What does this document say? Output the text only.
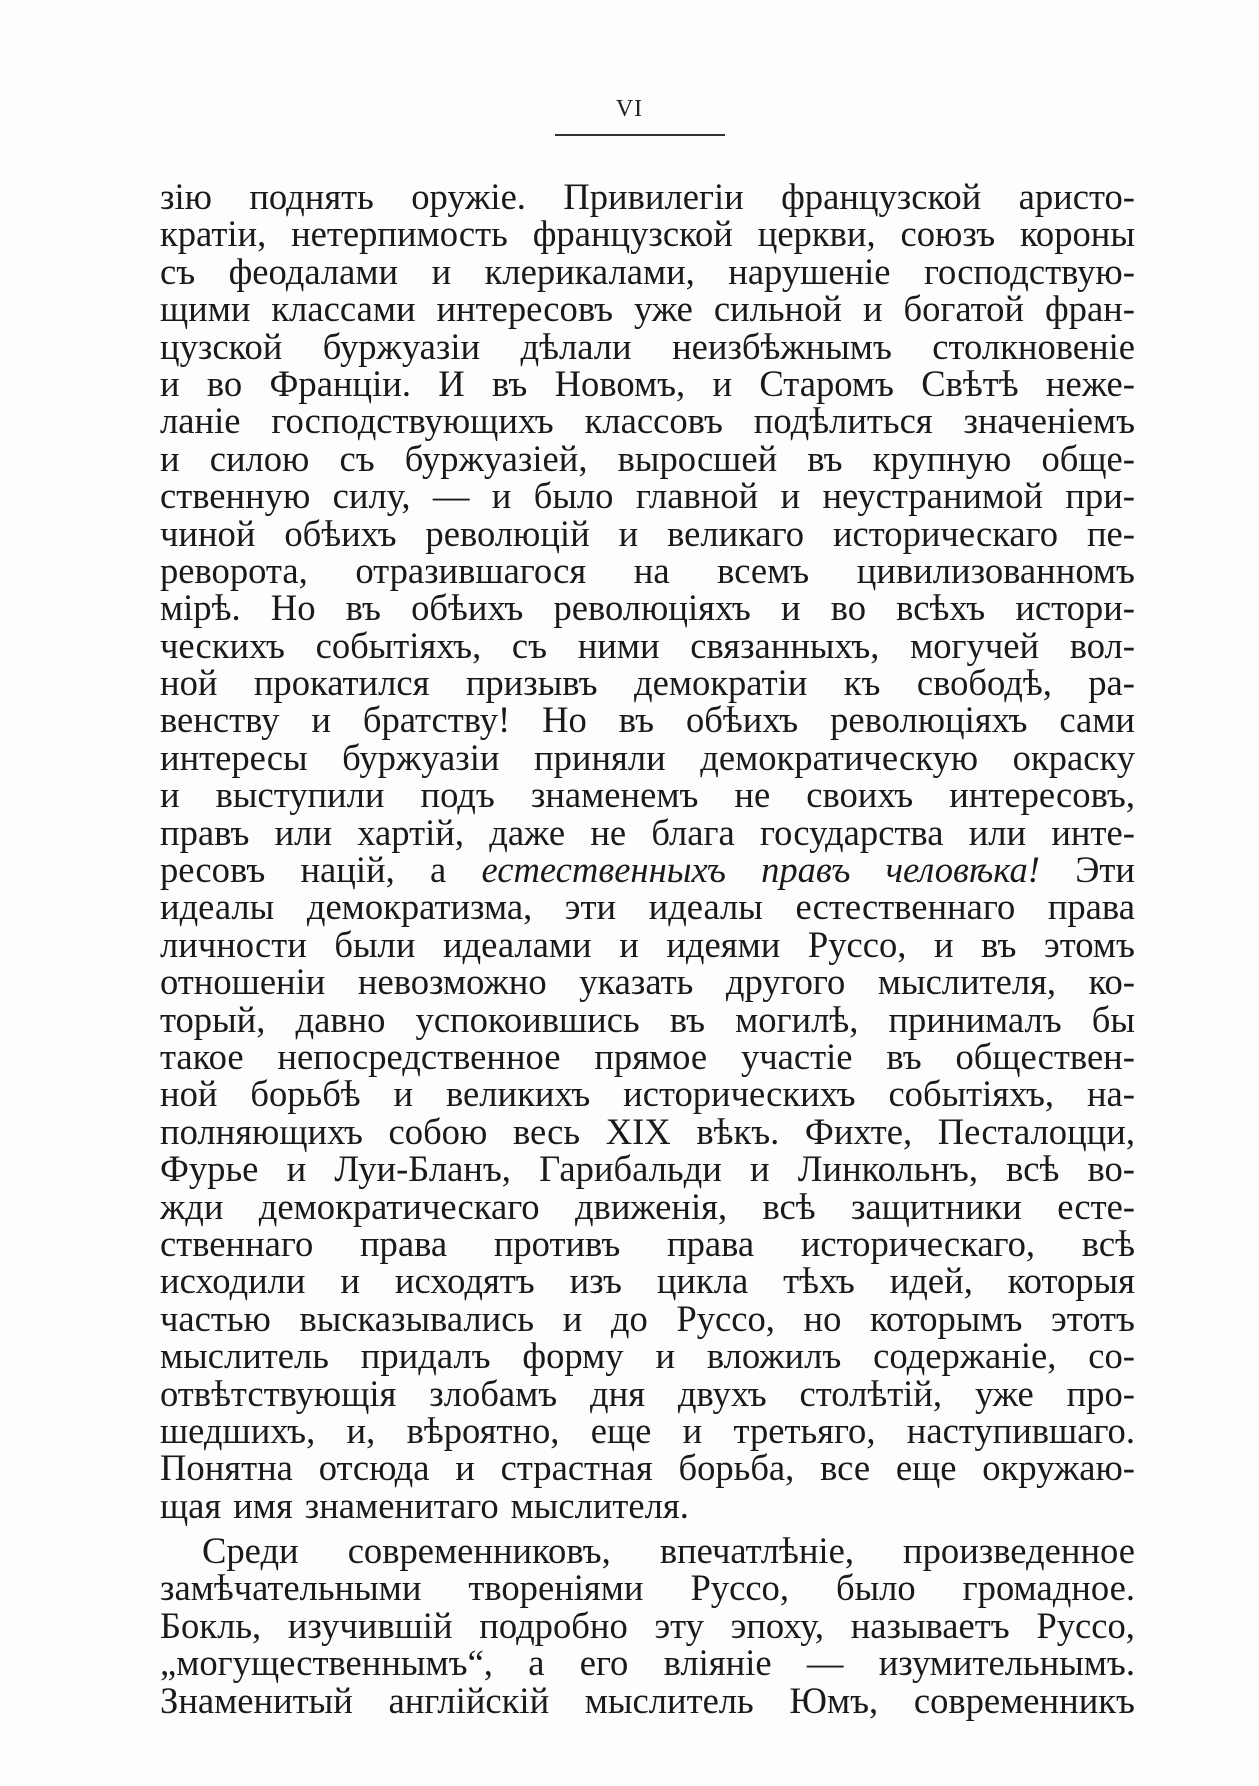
VI
зiю поднять оружiе. Привилегiи французской аристо-
кратiи, нетерпимость французской церкви, союзъ короны
съ феодалами и клерикалами, нарушенiе господствую-
щими классами интересовъ уже сильной и богатой фран-
цузской буржуазiи дѣлали неизбѣжнымъ столкновенiе
и во Францiи. И въ Новомъ, и Старомъ Свѣтѣ неже-
ланiе господствующихъ классовъ подѣлиться значенiемъ
и силою съ буржуазiей, выросшей въ крупную обще-
ственную силу, — и было главной и неустранимой при-
чиной обѣихъ революцiй и великаго историческаго пе-
реворота, отразившагося на всемъ цивилизованномъ
мiрѣ. Но въ обѣихъ революцiяхъ и во всѣхъ истори-
ческихъ событiяхъ, съ ними связанныхъ, могучей вол-
ной прокатился призывъ демократiи къ свободѣ, ра-
венству и братству! Но въ обѣихъ революцiяхъ сами
интересы буржуазiи приняли демократическую окраску
и выступили подъ знаменемъ не своихъ интересовъ,
правъ или хартiй, даже не блага государства или инте-
ресовъ нацiй, а естественныхъ правъ человѣка! Эти
идеалы демократизма, эти идеалы естественнаго права
личности были идеалами и идеями Руссо, и въ этомъ
отношенiи невозможно указать другого мыслителя, ко-
торый, давно успокоившись въ могилѣ, принималъ бы
такое непосредственное прямое участiе въ обществен-
ной борьбѣ и великихъ историческихъ событiяхъ, на-
полняющихъ собою весь XIX вѣкъ. Фихте, Песталоцци,
Фурье и Луи-Бланъ, Гарибальди и Линкольнъ, всѣ во-
жди демократическаго движенiя, всѣ защитники есте-
ственнаго права противъ права историческаго, всѣ
исходили и исходятъ изъ цикла тѣхъ идей, которыя
частью высказывались и до Руссо, но которымъ этотъ
мыслитель придалъ форму и вложилъ содержанiе, со-
отвѣтствующiя злобамъ дня двухъ столѣтiй, уже про-
шедшихъ, и, вѣроятно, еще и третьяго, наступившаго.
Понятна отсюда и страстная борьба, все еще окружаю-
щая имя знаменитаго мыслителя.
Среди современниковъ, впечатлѣнiе, произведенное
замѣчательными творенiями Руссо, было громадное.
Бокль, изучившiй подробно эту эпоху, называетъ Руссо,
„могущественнымъ“, а его влiянiе — изумительнымъ.
Знаменитый англiйскiй мыслитель Юмъ, современникъ
